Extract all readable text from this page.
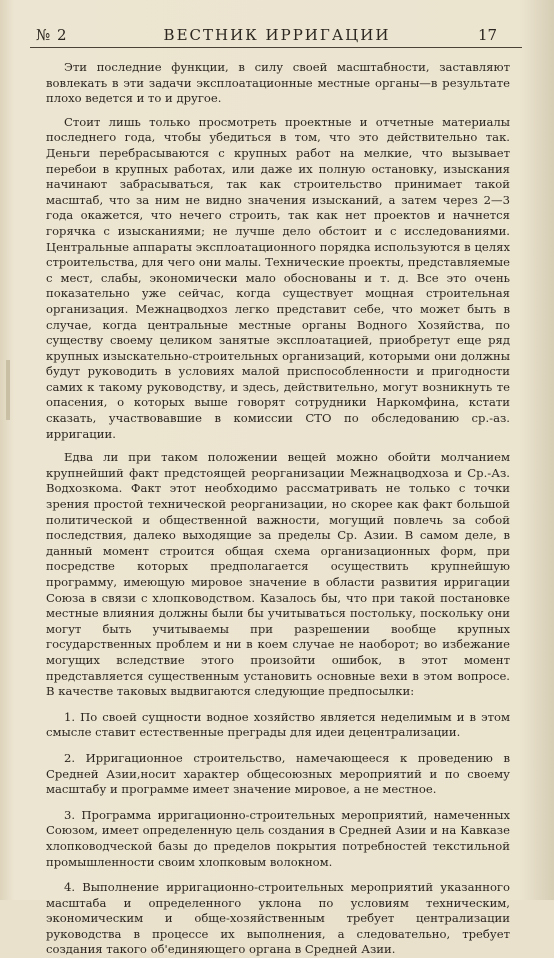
№ 2	ВЕСТНИК ИРРИГАЦИИ	17

Эти последние функции, в силу своей масштабности, заставляют вовлекать в эти задачи эксплоатационные местные органы—в результате плохо ведется и то и другое.

Стоит лишь только просмотреть проектные и отчетные материалы последнего года, чтобы убедиться в том, что это действительно так. Деньги перебрасываются с крупных работ на мелкие, что вызывает перебои в крупных работах, или даже их полную остановку, изыскания начинают забрасываться, так как строительство принимает такой масштаб, что за ним не видно значения изысканий, а затем через 2—3 года окажется, что нечего строить, так как нет проектов и начнется горячка с изысканиями; не лучше дело обстоит и с исследованиями. Центральные аппараты эксплоатационного порядка используются в целях строительства, для чего они малы. Технические проекты, представляемые с мест, слабы, экономически мало обоснованы и т. д. Все это очень показательно уже сейчас, когда существует мощная строительная организация. Межнацводхоз легко представит себе, что может быть в случае, когда центральные местные органы Водного Хозяйства, по существу своему целиком занятые эксплоатацией, приобретут еще ряд крупных изыскательно-строительных организаций, которыми они должны будут руководить в условиях малой приспособленности и пригодности самих к такому руководству, и здесь, действительно, могут возникнуть те опасения, о которых выше говорят сотрудники Наркомфина, кстати сказать, участвовавшие в комиссии СТО по обследованию ср.-аз. ирригации.

Едва ли при таком положении вещей можно обойти молчанием крупнейший факт предстоящей реорганизации Межнацводхоза и Ср.-Аз. Водхозкома. Факт этот необходимо рассматривать не только с точки зрения простой технической реорганизации, но скорее как факт большой политической и общественной важности, могущий повлечь за собой последствия, далеко выходящие за пределы Ср. Азии. В самом деле, в данный момент строится общая схема организационных форм, при посредстве которых предполагается осуществить крупнейшую программу, имеющую мировое значение в области развития ирригации Союза в связи с хлопководством. Казалось бы, что при такой постановке местные влияния должны были бы учитываться постольку, поскольку они могут быть учитываемы при разрешении вообще крупных государственных проблем и ни в коем случае не наоборот; во избежание могущих вследствие этого произойти ошибок, в этот момент представляется существенным установить основные вехи в этом вопросе. В качестве таковых выдвигаются следующие предпосылки:

1. По своей сущности водное хозяйство является неделимым и в этом смысле ставит естественные преграды для идеи децентрализации.

2. Ирригационное строительство, намечающееся к проведению в Средней Азии,носит характер общесоюзных мероприятий и по своему масштабу и программе имеет значение мировое, а не местное.

3. Программа ирригационно-строительных мероприятий, намеченных Союзом, имеет определенную цель создания в Средней Азии и на Кавказе хлопководческой базы до пределов покрытия потребностей текстильной промышленности своим хлопковым волокном.

4. Выполнение ирригационно-строительных мероприятий указанного масштаба и определенного уклона по условиям техническим, экономическим и обще-хозяйственным требует централизации руководства в процессе их выполнения, а следовательно, требует создания такого об'единяющего органа в Средней Азии.
